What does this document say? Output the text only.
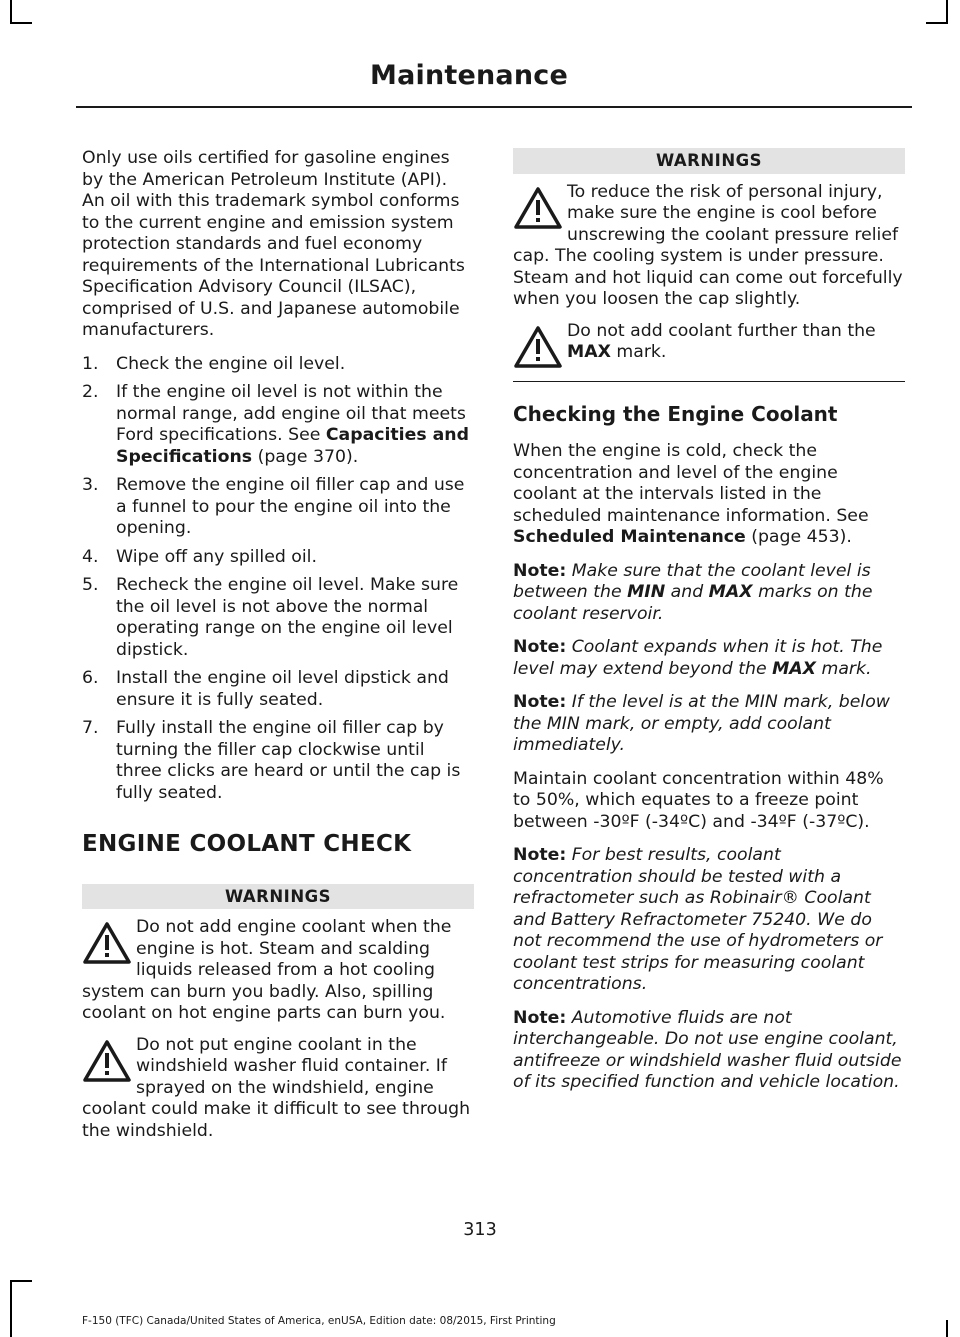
Maintenance

Only use oils certified for gasoline engines by the American Petroleum Institute (API). An oil with this trademark symbol conforms to the current engine and emission system protection standards and fuel economy requirements of the International Lubricants Specification Advisory Council (ILSAC), comprised of U.S. and Japanese automobile manufacturers.

1. Check the engine oil level.
2. If the engine oil level is not within the normal range, add engine oil that meets Ford specifications. See Capacities and Specifications (page 370).
3. Remove the engine oil filler cap and use a funnel to pour the engine oil into the opening.
4. Wipe off any spilled oil.
5. Recheck the engine oil level. Make sure the oil level is not above the normal operating range on the engine oil level dipstick.
6. Install the engine oil level dipstick and ensure it is fully seated.
7. Fully install the engine oil filler cap by turning the filler cap clockwise until three clicks are heard or until the cap is fully seated.
ENGINE COOLANT CHECK
WARNINGS
Do not add engine coolant when the engine is hot. Steam and scalding liquids released from a hot cooling system can burn you badly. Also, spilling coolant on hot engine parts can burn you.
Do not put engine coolant in the windshield washer fluid container. If sprayed on the windshield, engine coolant could make it difficult to see through the windshield.
WARNINGS
To reduce the risk of personal injury, make sure the engine is cool before unscrewing the coolant pressure relief cap. The cooling system is under pressure. Steam and hot liquid can come out forcefully when you loosen the cap slightly.
Do not add coolant further than the MAX mark.
Checking the Engine Coolant

When the engine is cold, check the concentration and level of the engine coolant at the intervals listed in the scheduled maintenance information. See Scheduled Maintenance (page 453).

Note: Make sure that the coolant level is between the MIN and MAX marks on the coolant reservoir.

Note: Coolant expands when it is hot. The level may extend beyond the MAX mark.

Note: If the level is at the MIN mark, below the MIN mark, or empty, add coolant immediately.

Maintain coolant concentration within 48% to 50%, which equates to a freeze point between -30ºF (-34ºC) and -34ºF (-37ºC).

Note: For best results, coolant concentration should be tested with a refractometer such as Robinair® Coolant and Battery Refractometer 75240. We do not recommend the use of hydrometers or coolant test strips for measuring coolant concentrations.

Note: Automotive fluids are not interchangeable. Do not use engine coolant, antifreeze or windshield washer fluid outside of its specified function and vehicle location.

313
F-150 (TFC) Canada/United States of America, enUSA, Edition date: 08/2015, First Printing
